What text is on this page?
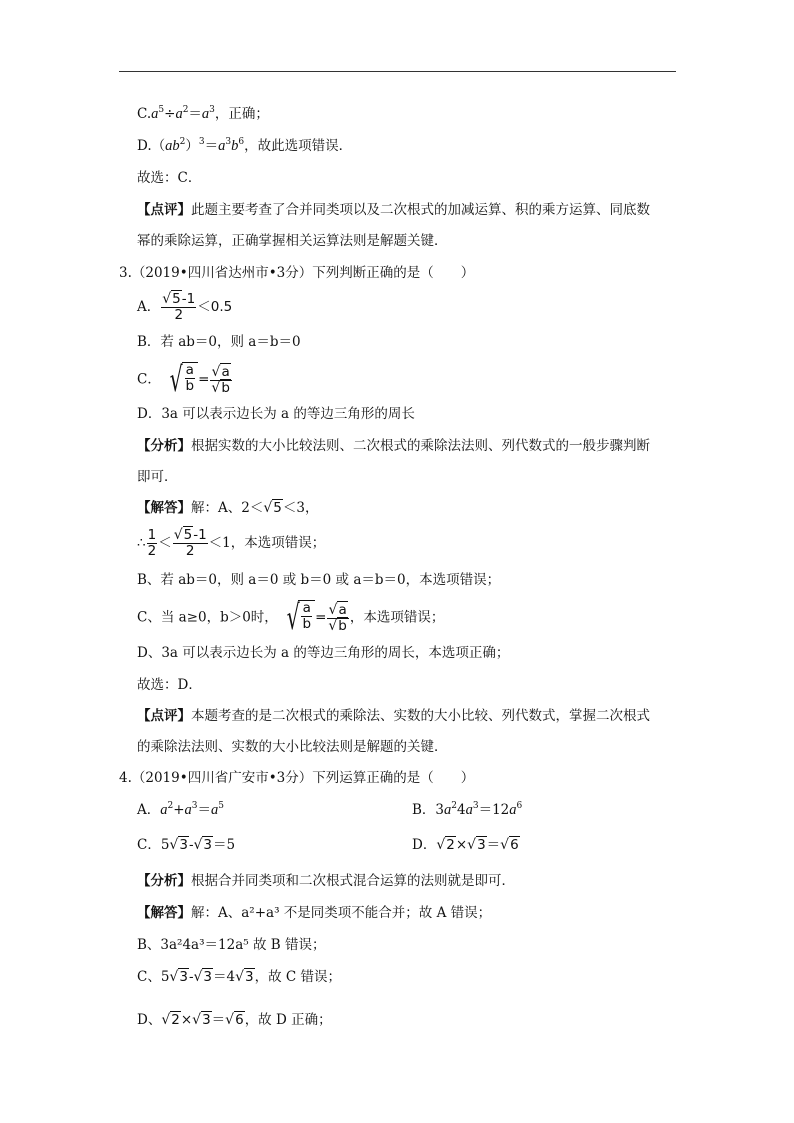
$C.a^5\div a^2=a^3$，正确；
$D.(ab^2)^3=a^3b^6$，故此选项错误．
故选：C．
【点评】此题主要考查了合并同类项以及二次根式的加减运算、积的乘方运算、同底数
幂的乘除运算，正确掌握相关运算法则是解题关键．
3.（2019•四川省达州市•3分）下列判断正确的是（　　）
A． $\frac{√5-1}{2} <0.5$
B．若 ab＝0，则 a＝b＝0
C． √ $\frac{a}{b} = \frac{√a}{√b}$
D．3a 可以表示边长为 a 的等边三角形的周长
【分析】根据实数的大小比较法则、二次根式的乘除法法则、列代数式的一般步骤判断
即可．
【解答】解：A、2＜√5＜3，
∴ $\frac{1}{2} < \frac{√5-1}{2} <1$，本选项错误；
B、若 ab＝0，则 a＝0 或 b＝0 或 a＝b＝0，本选项错误；
C、当 a≥0，b＞0时， √ $\frac{a}{b} = \frac{√a}{√b}$ ，本选项错误；
D、3a 可以表示边长为 a 的等边三角形的周长，本选项正确；
故选：D．
【点评】本题考查的是二次根式的乘除法、实数的大小比较、列代数式，掌握二次根式
的乘除法法则、实数的大小比较法则是解题的关键．
4.（2019•四川省广安市•3分）下列运算正确的是（　　）
A．$a^2+a^3=a^5$	B．$3a^24a^3=12a^6$
C．5√3-√3＝5	D．√2×√3＝√6
【分析】根据合并同类项和二次根式混合运算的法则就是即可．
【解答】解：A、a²+a³ 不是同类项不能合并；故 A 错误；
B、3a²4a³＝12a⁵ 故 B 错误；
C、5√3-√3＝4√3，故 C 错误；
D、√2×√3＝√6，故 D 正确；
